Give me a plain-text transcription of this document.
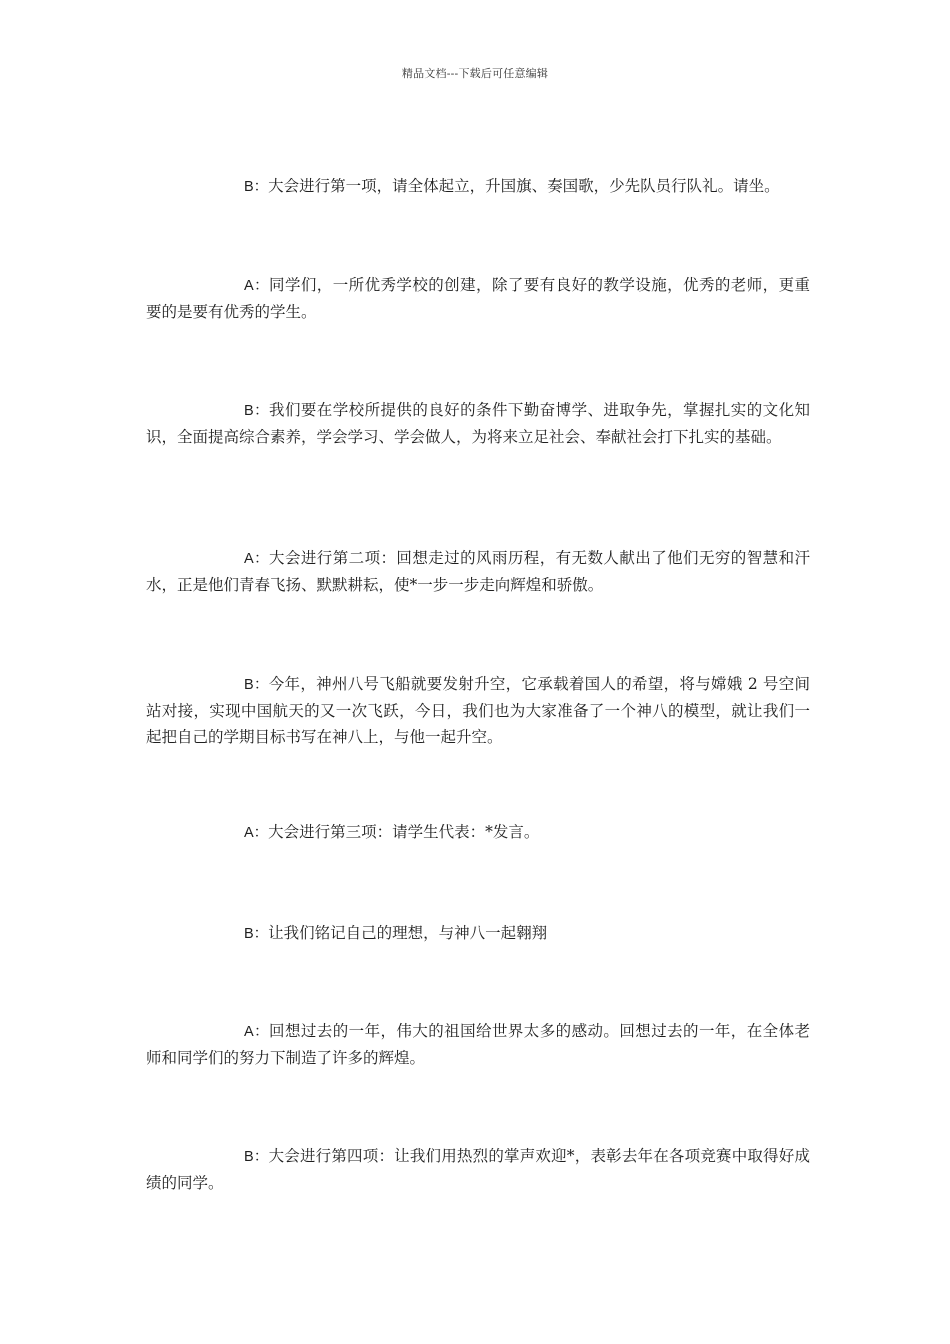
精品文档---下载后可任意编辑

B：大会进行第一项，请全体起立，升国旗、奏国歌，少先队员行队礼。请坐。

A：同学们，一所优秀学校的创建，除了要有良好的教学设施，优秀的老师，更重要的是要有优秀的学生。

B：我们要在学校所提供的良好的条件下勤奋博学、进取争先，掌握扎实的文化知识，全面提高综合素养，学会学习、学会做人，为将来立足社会、奉献社会打下扎实的基础。

A：大会进行第二项：回想走过的风雨历程，有无数人献出了他们无穷的智慧和汗水，正是他们青春飞扬、默默耕耘，使*一步一步走向辉煌和骄傲。

B：今年，神州八号飞船就要发射升空，它承载着国人的希望，将与嫦娥 2 号空间站对接，实现中国航天的又一次飞跃，今日，我们也为大家准备了一个神八的模型，就让我们一起把自己的学期目标书写在神八上，与他一起升空。

A：大会进行第三项：请学生代表：*发言。

B：让我们铭记自己的理想，与神八一起翱翔

A：回想过去的一年，伟大的祖国给世界太多的感动。回想过去的一年，在全体老师和同学们的努力下制造了许多的辉煌。

B：大会进行第四项：让我们用热烈的掌声欢迎*，表彰去年在各项竞赛中取得好成绩的同学。
